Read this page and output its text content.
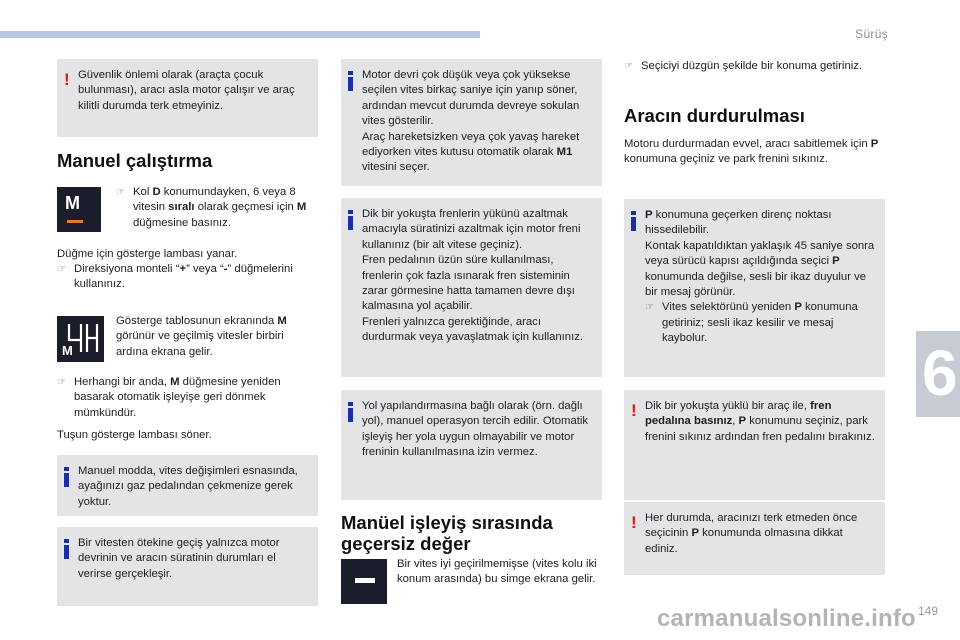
Sürüş
6
! Güvenlik önlemi olarak (araçta çocuk bulunması), aracı asla motor çalışır ve araç kilitli durumda terk etmeyiniz.
Manuel çalıştırma
M
☞ Kol D konumundayken, 6 veya 8 vitesin sıralı olarak geçmesi için M düğmesine basınız.

Düğme için gösterge lambası yanar.

☞ Direksiyona monteli “+” veya “-” düğmelerini kullanınız.
M
Gösterge tablosunun ekranında M görünür ve geçilmiş vitesler birbiri ardına ekrana gelir.
☞ Herhangi bir anda, M düğmesine yeniden basarak otomatik işleyişe geri dönmek mümkündür.

Tuşun gösterge lambası söner.

Manuel modda, vites değişimleri esnasında, ayağınızı gaz pedalından çekmenize gerek yoktur.
Bir vitesten ötekine geçiş yalnızca motor devrinin ve aracın süratinin durumları el verirse gerçekleşir.
Motor devri çok düşük veya çok yüksekse seçilen vites birkaç saniye için yanıp söner, ardından mevcut durumda devreye sokulan vites gösterilir.
Araç hareketsizken veya çok yavaş hareket ediyorken vites kutusu otomatik olarak M1 vitesini seçer.
Dik bir yokuşta frenlerin yükünü azaltmak amacıyla süratinizi azaltmak için motor freni kullanınız (bir alt vitese geçiniz).
Fren pedalının üzün süre kullanılması, frenlerin çok fazla ısınarak fren sisteminin zarar görmesine hatta tamamen devre dışı kalmasına yol açabilir.
Frenleri yalnızca gerektiğinde, aracı durdurmak veya yavaşlatmak için kullanınız.
Yol yapılandırmasına bağlı olarak (örn. dağlı yol), manuel operasyon tercih edilir. Otomatik işleyiş her yola uygun olmayabilir ve motor freninin kullanılmasına izin vermez.
Manüel işleyiş sırasında
geçersiz değer

Bir vites iyi geçirilmemişse (vites kolu iki konum arasında) bu simge ekrana gelir.

☞ Seçiciyi düzgün şekilde bir konuma getiriniz.
Aracın durdurulması
Motoru durdurmadan evvel, aracı sabitlemek için P konumuna geçiniz ve park frenini sıkınız.
P konumuna geçerken direnç noktası hissedilebilir.
Kontak kapatıldıktan yaklaşık 45 saniye sonra veya sürücü kapısı açıldığında seçici P konumunda değilse, sesli bir ikaz duyulur ve bir mesaj görünür.
☞ Vites selektörünü yeniden P konumuna getiriniz; sesli ikaz kesilir ve mesaj kaybolur.
! Dik bir yokuşta yüklü bir araç ile, fren pedalına basınız, P konumunu seçiniz, park frenini sıkınız ardından fren pedalını bırakınız.
! Her durumda, aracınızı terk etmeden önce seçicinin P konumunda olmasına dikkat ediniz.
carmanualsonline.info 149
